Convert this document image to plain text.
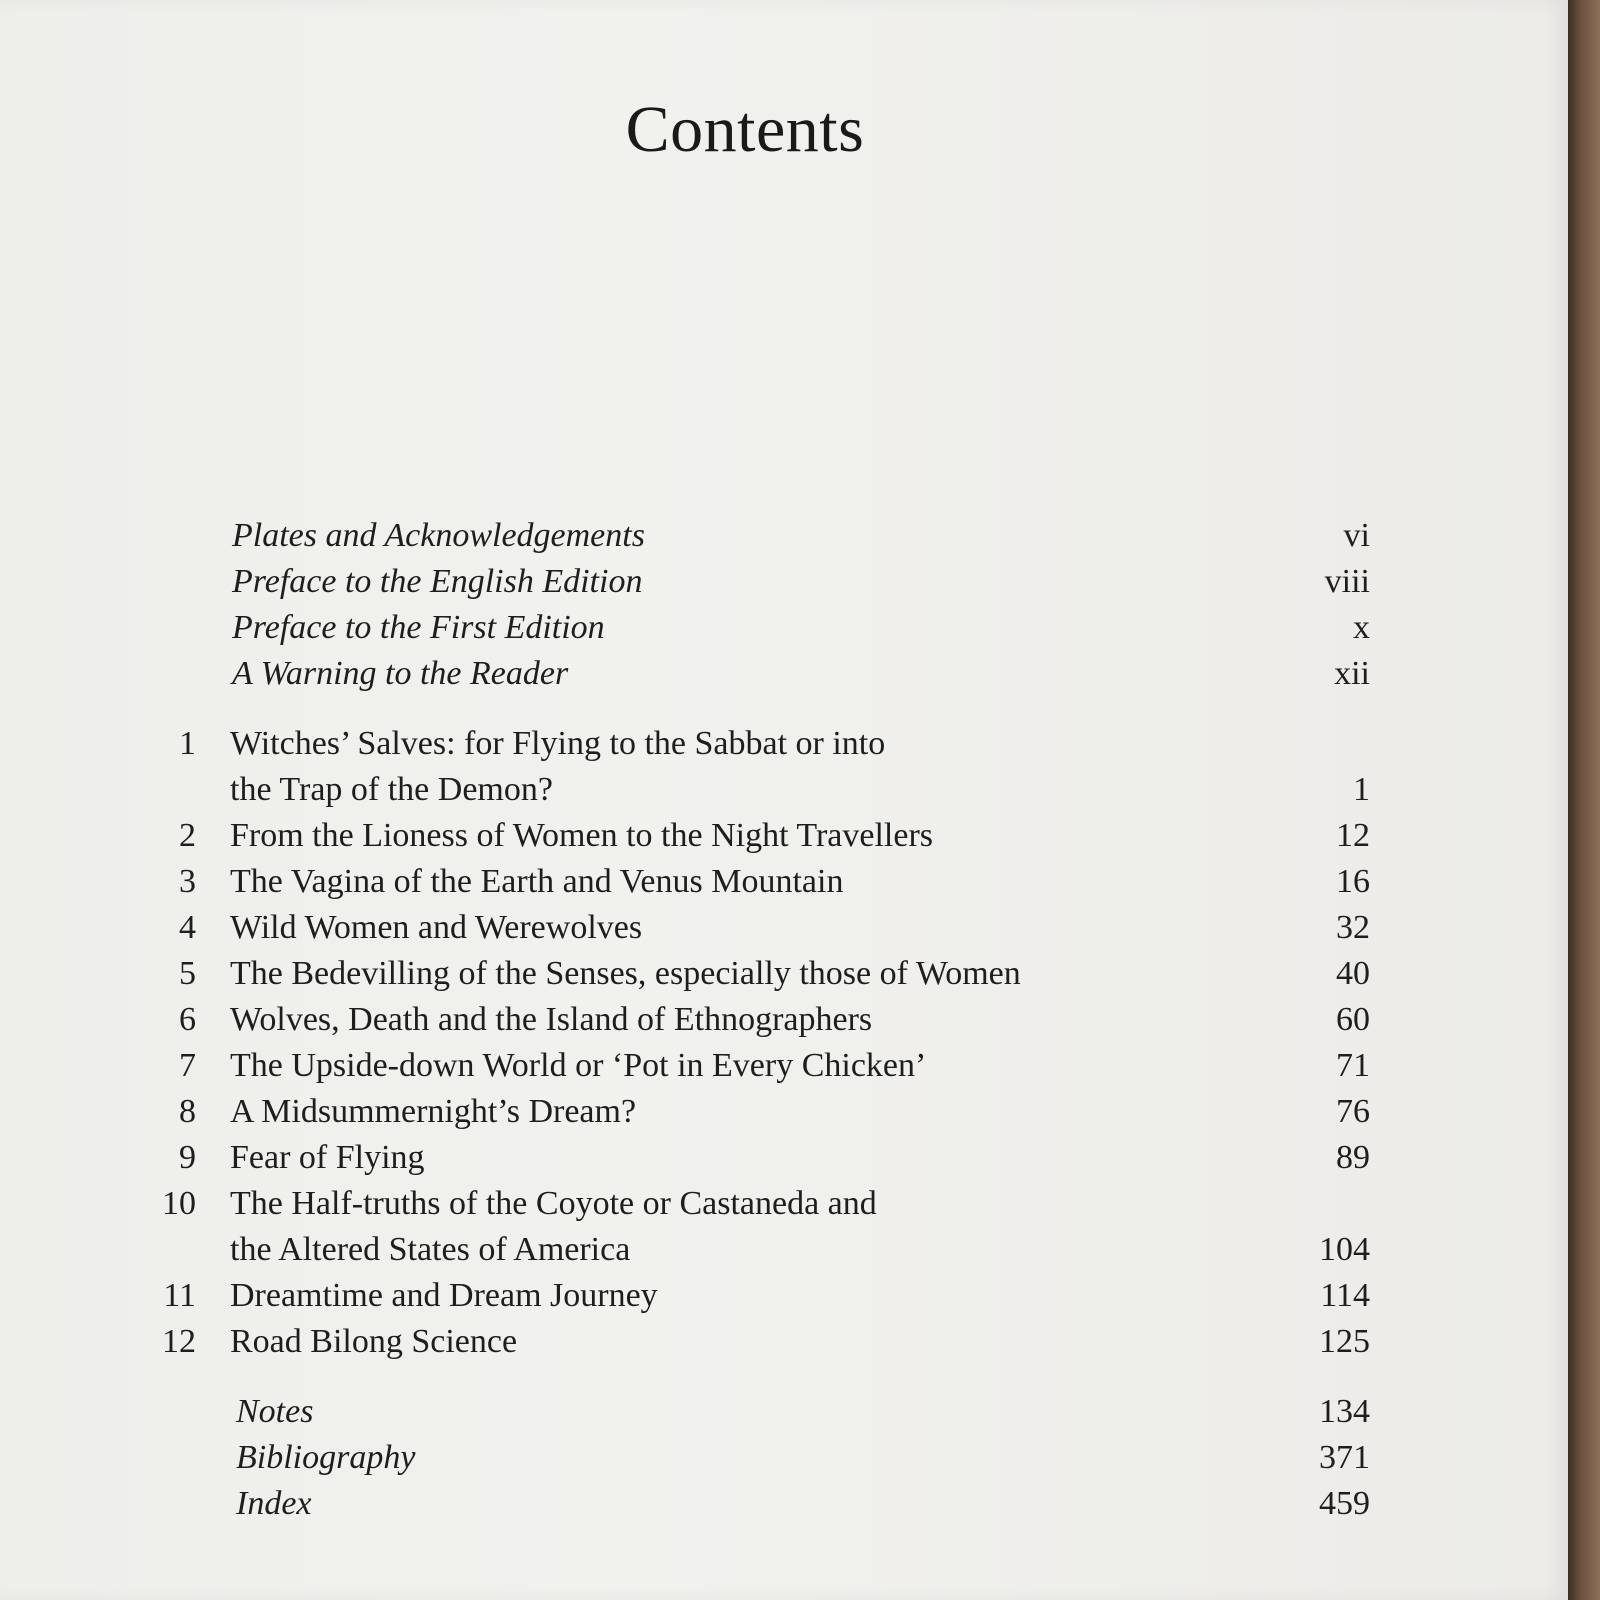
Contents
Plates and Acknowledgements	vi
Preface to the English Edition	viii
Preface to the First Edition	x
A Warning to the Reader	xii
1 Witches’ Salves: for Flying to the Sabbat or into
the Trap of the Demon?	1
2 From the Lioness of Women to the Night Travellers	12
3 The Vagina of the Earth and Venus Mountain	16
4 Wild Women and Werewolves	32
5 The Bedevilling of the Senses, especially those of Women	40
6 Wolves, Death and the Island of Ethnographers	60
7 The Upside-down World or ‘Pot in Every Chicken’	71
8 A Midsummernight’s Dream?	76
9 Fear of Flying	89
10 The Half-truths of the Coyote or Castaneda and
the Altered States of America	104
11 Dreamtime and Dream Journey	114
12 Road Bilong Science	125
Notes	134
Bibliography	371
Index	459
